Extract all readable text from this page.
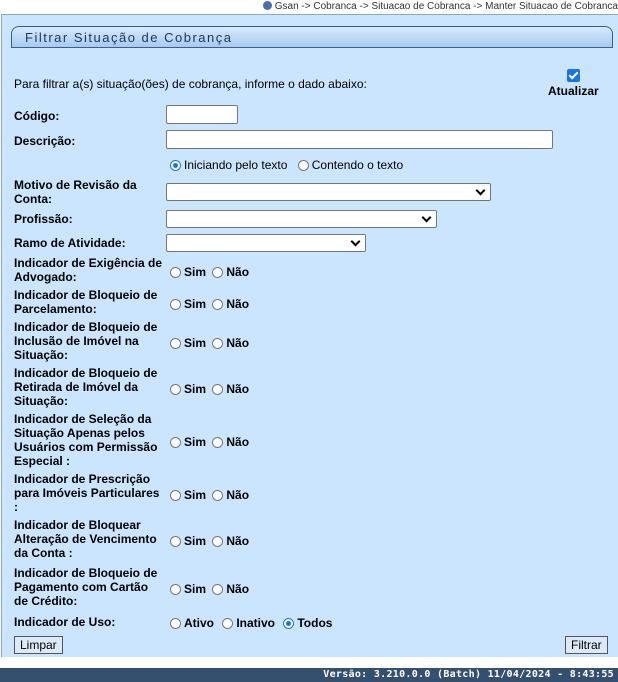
Gsan -> Cobranca -> Situacao de Cobranca -> Manter Situacao de Cobranca
Filtrar Situação de Cobrança
Para filtrar a(s) situação(ões) de cobrança, informe o dado abaixo:	Atualizar
Código:
Descrição:
Iniciando pelo texto Contendo o texto
Motivo de Revisão da Conta:
Profissão:
Ramo de Atividade:
Indicador de Exigência de Advogado:	Sim Não
Indicador de Bloqueio de Parcelamento:	Sim Não
Indicador de Bloqueio de Inclusão de Imóvel na Situação:
Sim Não
Indicador de Bloqueio de Retirada de Imóvel da Situação:
Sim Não
Indicador de Seleção da Situação Apenas pelos Usuários com Permissão Especial :
Sim Não
Indicador de Prescrição para Imóveis Particulares :
Sim Não
Indicador de Bloquear Alteração de Vencimento da Conta :
Sim Não
Indicador de Bloqueio de Pagamento com Cartão de Crédito:
Sim Não
Indicador de Uso:	Ativo Inativo Todos
Limpar	Filtrar
Versão: 3.210.0.0 (Batch) 11/04/2024 - 8:43:55
